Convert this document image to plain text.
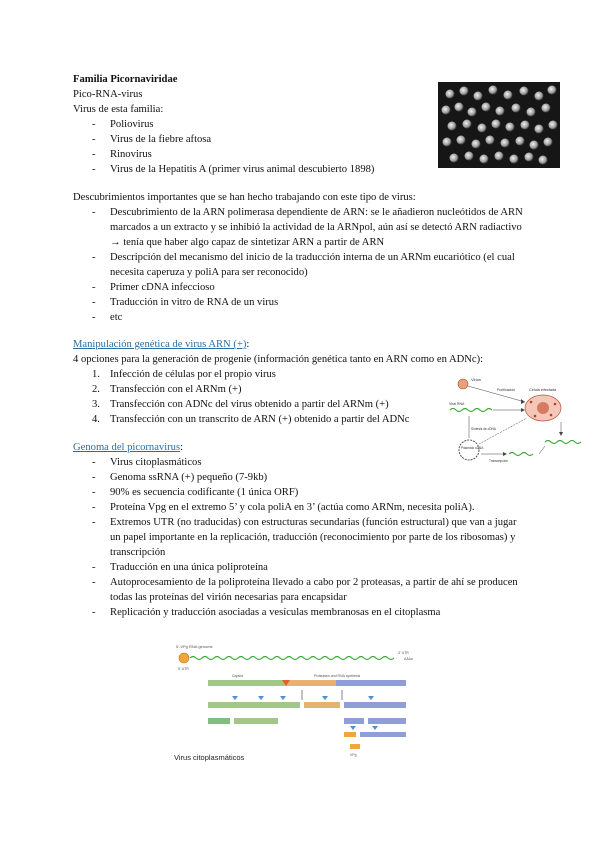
Familia Picornaviridae
Pico-RNA-virus
Virus de esta familia:
- Poliovirus
- Virus de la fiebre aftosa
- Rinovirus
- Virus de la Hepatitis A (primer virus animal descubierto 1898)
Descubrimientos importantes que se han hecho trabajando con este tipo de virus:
- Descubrimiento de la ARN polimerasa dependiente de ARN: se le añadieron nucleótidos de ARN marcados a un extracto y se inhibió la actividad de la ARNpol, aún así se detectó ARN radiactivo → tenía que haber algo capaz de sintetizar ARN a partir de ARN
- Descripción del mecanismo del inicio de la traducción interna de un ARNm eucariótico (el cual necesita caperuza y poliA para ser reconocido)
- Primer cDNA infeccioso
- Traducción in vitro de RNA de un virus
- etc
Manipulación genética de virus ARN (+):
4 opciones para la generación de progenie (información genética tanto en ARN como en ADNc):
1. Infección de células por el propio virus
2. Transfección con el ARNm (+)
3. Transfección con ADNc del virus obtenido a partir del ARNm (+)
4. Transfección con un transcrito de ARN (+) obtenido a partir del ADNc
Virion
Purificación
Viral RNA
Célula infectada
Plásmido cDNA
Síntesis de cDNA
Transcripción
Genoma del picornavirus:
- Virus citoplasmáticos
- Genoma ssRNA (+) pequeño (7-9kb)
- 90% es secuencia codificante (1 única ORF)
- Proteína Vpg en el extremo 5’ y cola poliA en 3’ (actúa como ARNm, necesita poliA).
- Extremos UTR (no traducidas) con estructuras secundarias (función estructural) que van a jugar un papel importante en la replicación, traducción (reconocimiento por parte de los ribosomas) y transcripción
- Traducción en una única poliproteína
- Autoprocesamiento de la poliproteína llevado a cabo por 2 proteasas, a partir de ahí se producen todas las proteínas del virión necesarias para encapsidar
- Replicación y traducción asociadas a vesículas membranosas en el citoplasma
5'-VPg RNA genome
5' UTR
3' UTR
AAAn
Capsid	Proteases and RNA synthesis
VPg
Virus citoplasmáticos
